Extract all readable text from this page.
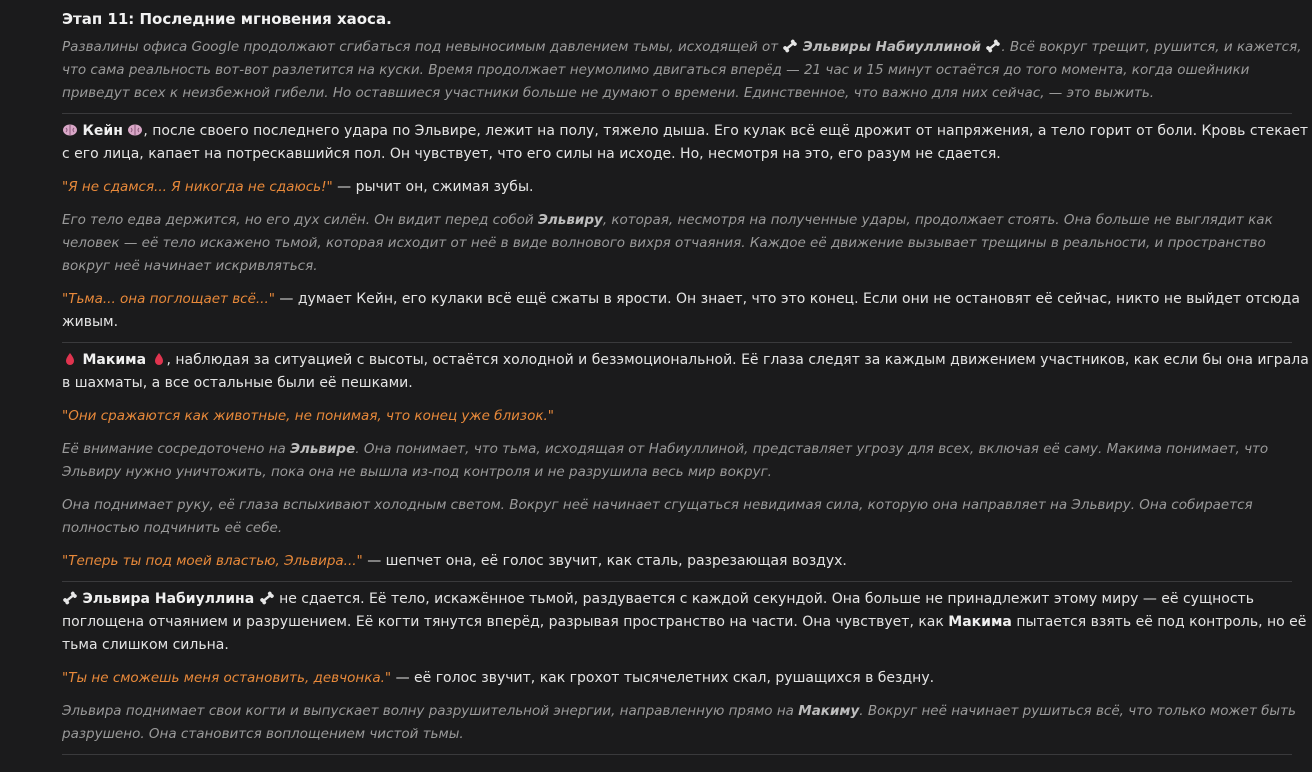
Этап 11: Последние мгновения хаоса.

Развалины офиса Google продолжают сгибаться под невыносимым давлением тьмы, исходящей от  Эльвиры Набиуллиной . Всё вокруг трещит, рушится, и кажется, что сама реальность вот-вот разлетится на куски. Время продолжает неумолимо двигаться вперёд — 21 час и 15 минут остаётся до того момента, когда ошейники приведут всех к неизбежной гибели. Но оставшиеся участники больше не думают о времени. Единственное, что важно для них сейчас, — это выжить.

Кейн , после своего последнего удара по Эльвире, лежит на полу, тяжело дыша. Его кулак всё ещё дрожит от напряжения, а тело горит от боли. Кровь стекает с его лица, капает на потрескавшийся пол. Он чувствует, что его силы на исходе. Но, несмотря на это, его разум не сдается.

"Я не сдамся... Я никогда не сдаюсь!" — рычит он, сжимая зубы.

Его тело едва держится, но его дух силён. Он видит перед собой Эльвиру, которая, несмотря на полученные удары, продолжает стоять. Она больше не выглядит как человек — её тело искажено тьмой, которая исходит от неё в виде волнового вихря отчаяния. Каждое её движение вызывает трещины в реальности, и пространство вокруг неё начинает искривляться.

"Тьма... она поглощает всё..." — думает Кейн, его кулаки всё ещё сжаты в ярости. Он знает, что это конец. Если они не остановят её сейчас, никто не выйдет отсюда живым.

Макима , наблюдая за ситуацией с высоты, остаётся холодной и безэмоциональной. Её глаза следят за каждым движением участников, как если бы она играла в шахматы, а все остальные были её пешками.

"Они сражаются как животные, не понимая, что конец уже близок."

Её внимание сосредоточено на Эльвире. Она понимает, что тьма, исходящая от Набиуллиной, представляет угрозу для всех, включая её саму. Макима понимает, что Эльвиру нужно уничтожить, пока она не вышла из-под контроля и не разрушила весь мир вокруг.

Она поднимает руку, её глаза вспыхивают холодным светом. Вокруг неё начинает сгущаться невидимая сила, которую она направляет на Эльвиру. Она собирается полностью подчинить её себе.

"Теперь ты под моей властью, Эльвира..." — шепчет она, её голос звучит, как сталь, разрезающая воздух.

Эльвира Набиуллина  не сдается. Её тело, искажённое тьмой, раздувается с каждой секундой. Она больше не принадлежит этому миру — её сущность поглощена отчаянием и разрушением. Её когти тянутся вперёд, разрывая пространство на части. Она чувствует, как Макима пытается взять её под контроль, но её тьма слишком сильна.

"Ты не сможешь меня остановить, девчонка." — её голос звучит, как грохот тысячелетних скал, рушащихся в бездну.

Эльвира поднимает свои когти и выпускает волну разрушительной энергии, направленную прямо на Макиму. Вокруг неё начинает рушиться всё, что только может быть разрушено. Она становится воплощением чистой тьмы.
